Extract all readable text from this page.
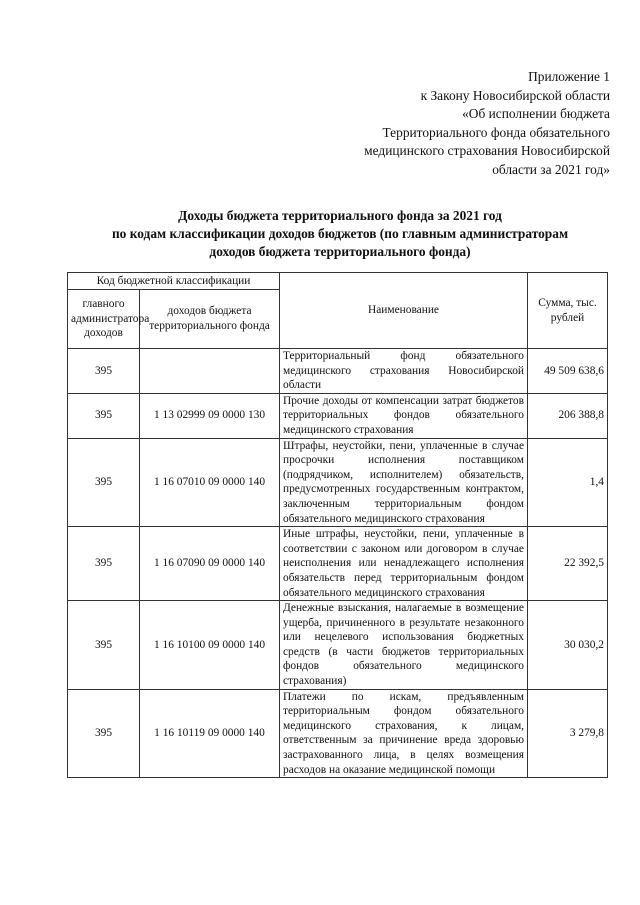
Приложение 1
к Закону Новосибирской области
«Об исполнении бюджета
Территориального фонда обязательного
медицинского страхования Новосибирской
области за 2021 год»
Доходы бюджета территориального фонда за 2021 год
по кодам классификации доходов бюджетов (по главным администраторам
доходов бюджета территориального фонда)
Код бюджетной классификации		Наименование	Сумма, тыс. рублей
главного администратора доходов	доходов бюджета территориального фонда		
395		Территориальный фонд обязательного медицинского страхования Новосибирской области	49 509 638,6
395	1 13 02999 09 0000 130	Прочие доходы от компенсации затрат бюджетов территориальных фондов обязательного медицинского страхования	206 388,8
395	1 16 07010 09 0000 140	Штрафы, неустойки, пени, уплаченные в случае просрочки исполнения поставщиком (подрядчиком, исполнителем) обязательств, предусмотренных государственным контрактом, заключенным территориальным фондом обязательного медицинского страхования	1,4
395	1 16 07090 09 0000 140	Иные штрафы, неустойки, пени, уплаченные в соответствии с законом или договором в случае неисполнения или ненадлежащего исполнения обязательств перед территориальным фондом обязательного медицинского страхования	22 392,5
395	1 16 10100 09 0000 140	Денежные взыскания, налагаемые в возмещение ущерба, причиненного в результате незаконного или нецелевого использования бюджетных средств (в части бюджетов территориальных фондов обязательного медицинского страхования)	30 030,2
395	1 16 10119 09 0000 140	Платежи по искам, предъявленным территориальным фондом обязательного медицинского страхования, к лицам, ответственным за причинение вреда здоровью застрахованного лица, в целях возмещения расходов на оказание медицинской помощи	3 279,8
